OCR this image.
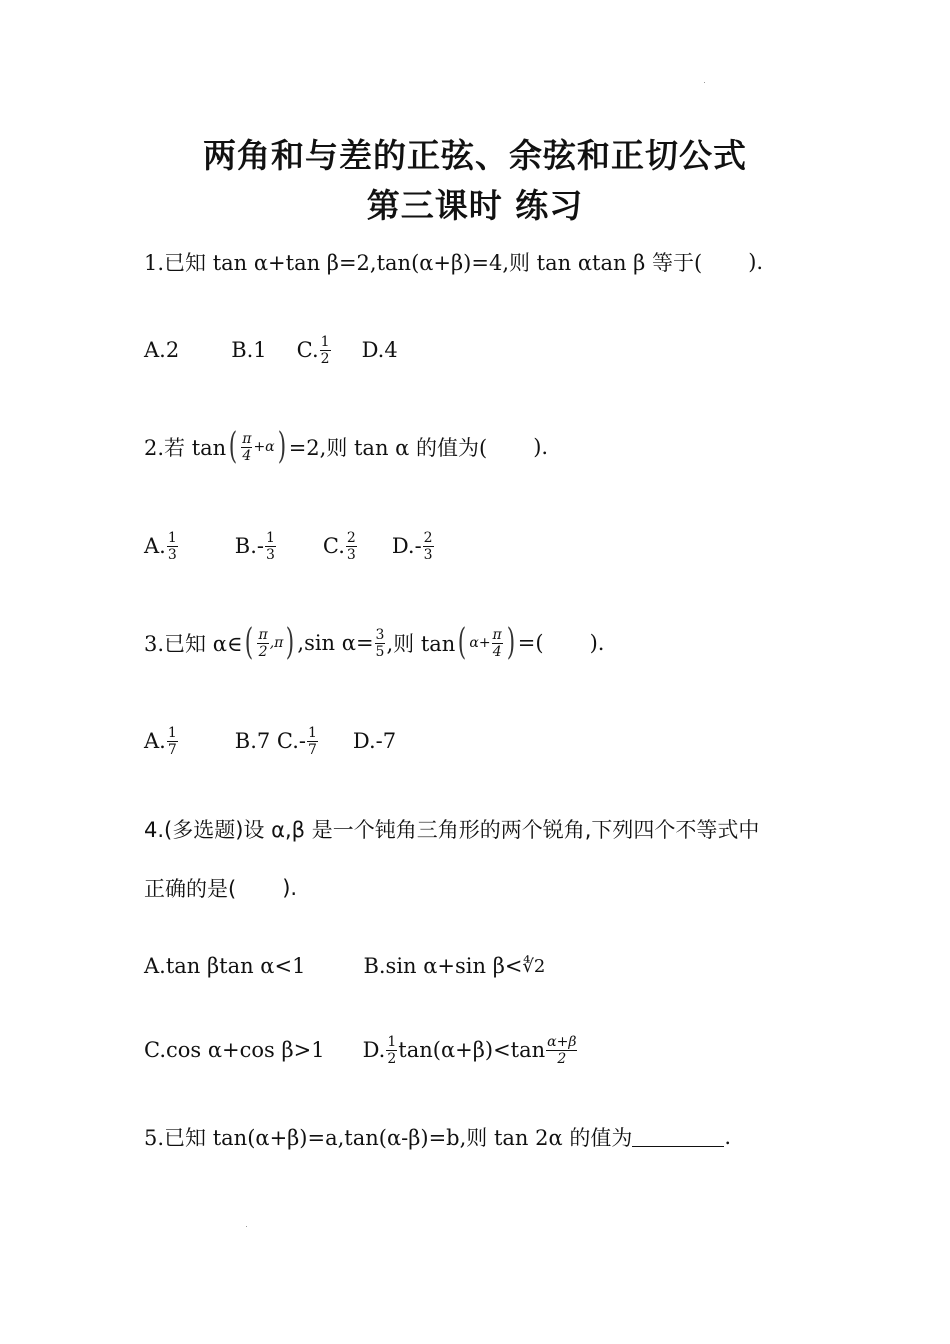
两角和与差的正弦、余弦和正切公式
第三课时 练习
1.已知 tan α+tan β=2,tan(α+β)=4,则 tan αtan β 等于( ).
A.2 B.1 C. $\frac{1}{2} D.4$
2.若 tan ( $\frac{\pi}{4} +\alpha$ ) =2,则 tan α 的值为( ).
A. $\frac{1}{3}$	$B.- \frac{1}{3} C$. $\frac{2}{3} D.- \frac{2}{3}$
3.已知 α∈ ( $\frac{\pi}{2} ,\pi$ ) ,sin $\alpha= \frac{3}{5}$ ,则 tan ( $\alpha+ \frac{\pi}{4}$ ) =( ).
A. $\frac{1}{7}$	B.7 $C.- \frac{1}{7} D.-7$
4.(多选题)设 α,β 是一个钝角三角形的两个锐角,下列四个不等式中
正确的是( ).
A.tan βtan α<1	B.sin α+sin β< ∜2
C.cos α+cos β>1 D. $\frac{1}{2} \tan(\alpha+\beta)<\tan \frac{\alpha+\beta}{2}$
5.已知 tan(α+β)=a,tan(α-β)=b,则 tan 2α 的值为	.
